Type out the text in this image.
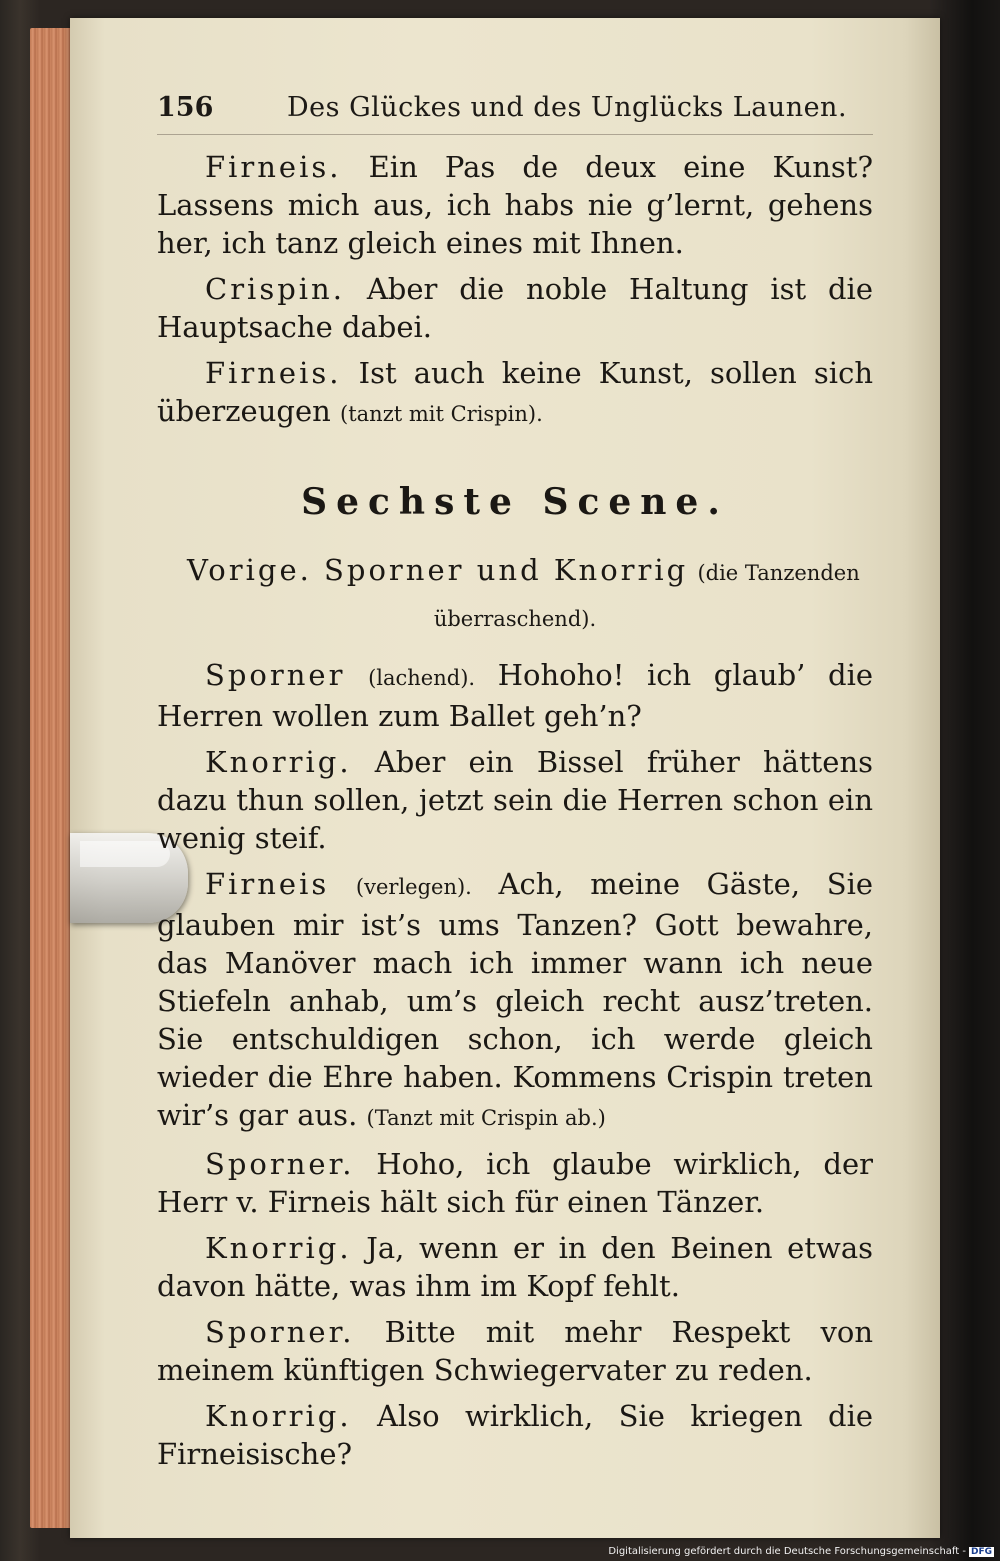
156	Des Glückes und des Unglücks Launen.

Firneis. Ein Pas de deux eine Kunst? Lassens mich aus, ich habs nie g’lernt, gehens her, ich tanz gleich eines mit Ihnen.

Crispin. Aber die noble Haltung ist die Hauptsache dabei.

Firneis. Ist auch keine Kunst, sollen sich überzeugen (tanzt mit Crispin).

Sechste Scene.

Vorige. Sporner und Knorrig (die Tanzenden
überraschend).

Sporner (lachend). Hohoho! ich glaub’ die Herren wollen zum Ballet geh’n?

Knorrig. Aber ein Bissel früher hättens dazu thun sollen, jetzt sein die Herren schon ein wenig steif.

Firneis (verlegen). Ach, meine Gäste, Sie glauben mir ist’s ums Tanzen? Gott bewahre, das Manöver mach ich immer wann ich neue Stiefeln anhab, um’s gleich recht ausz’treten. Sie entschuldigen schon, ich werde gleich wieder die Ehre haben. Kommens Crispin treten wir’s gar aus. (Tanzt mit Crispin ab.)

Sporner. Hoho, ich glaube wirklich, der Herr v. Firneis hält sich für einen Tänzer.

Knorrig. Ja, wenn er in den Beinen etwas davon hätte, was ihm im Kopf fehlt.

Sporner. Bitte mit mehr Respekt von meinem künftigen Schwiegervater zu reden.

Knorrig. Also wirklich, Sie kriegen die Firneisische?

Digitalisierung gefördert durch die Deutsche Forschungsgemeinschaft - DFG
